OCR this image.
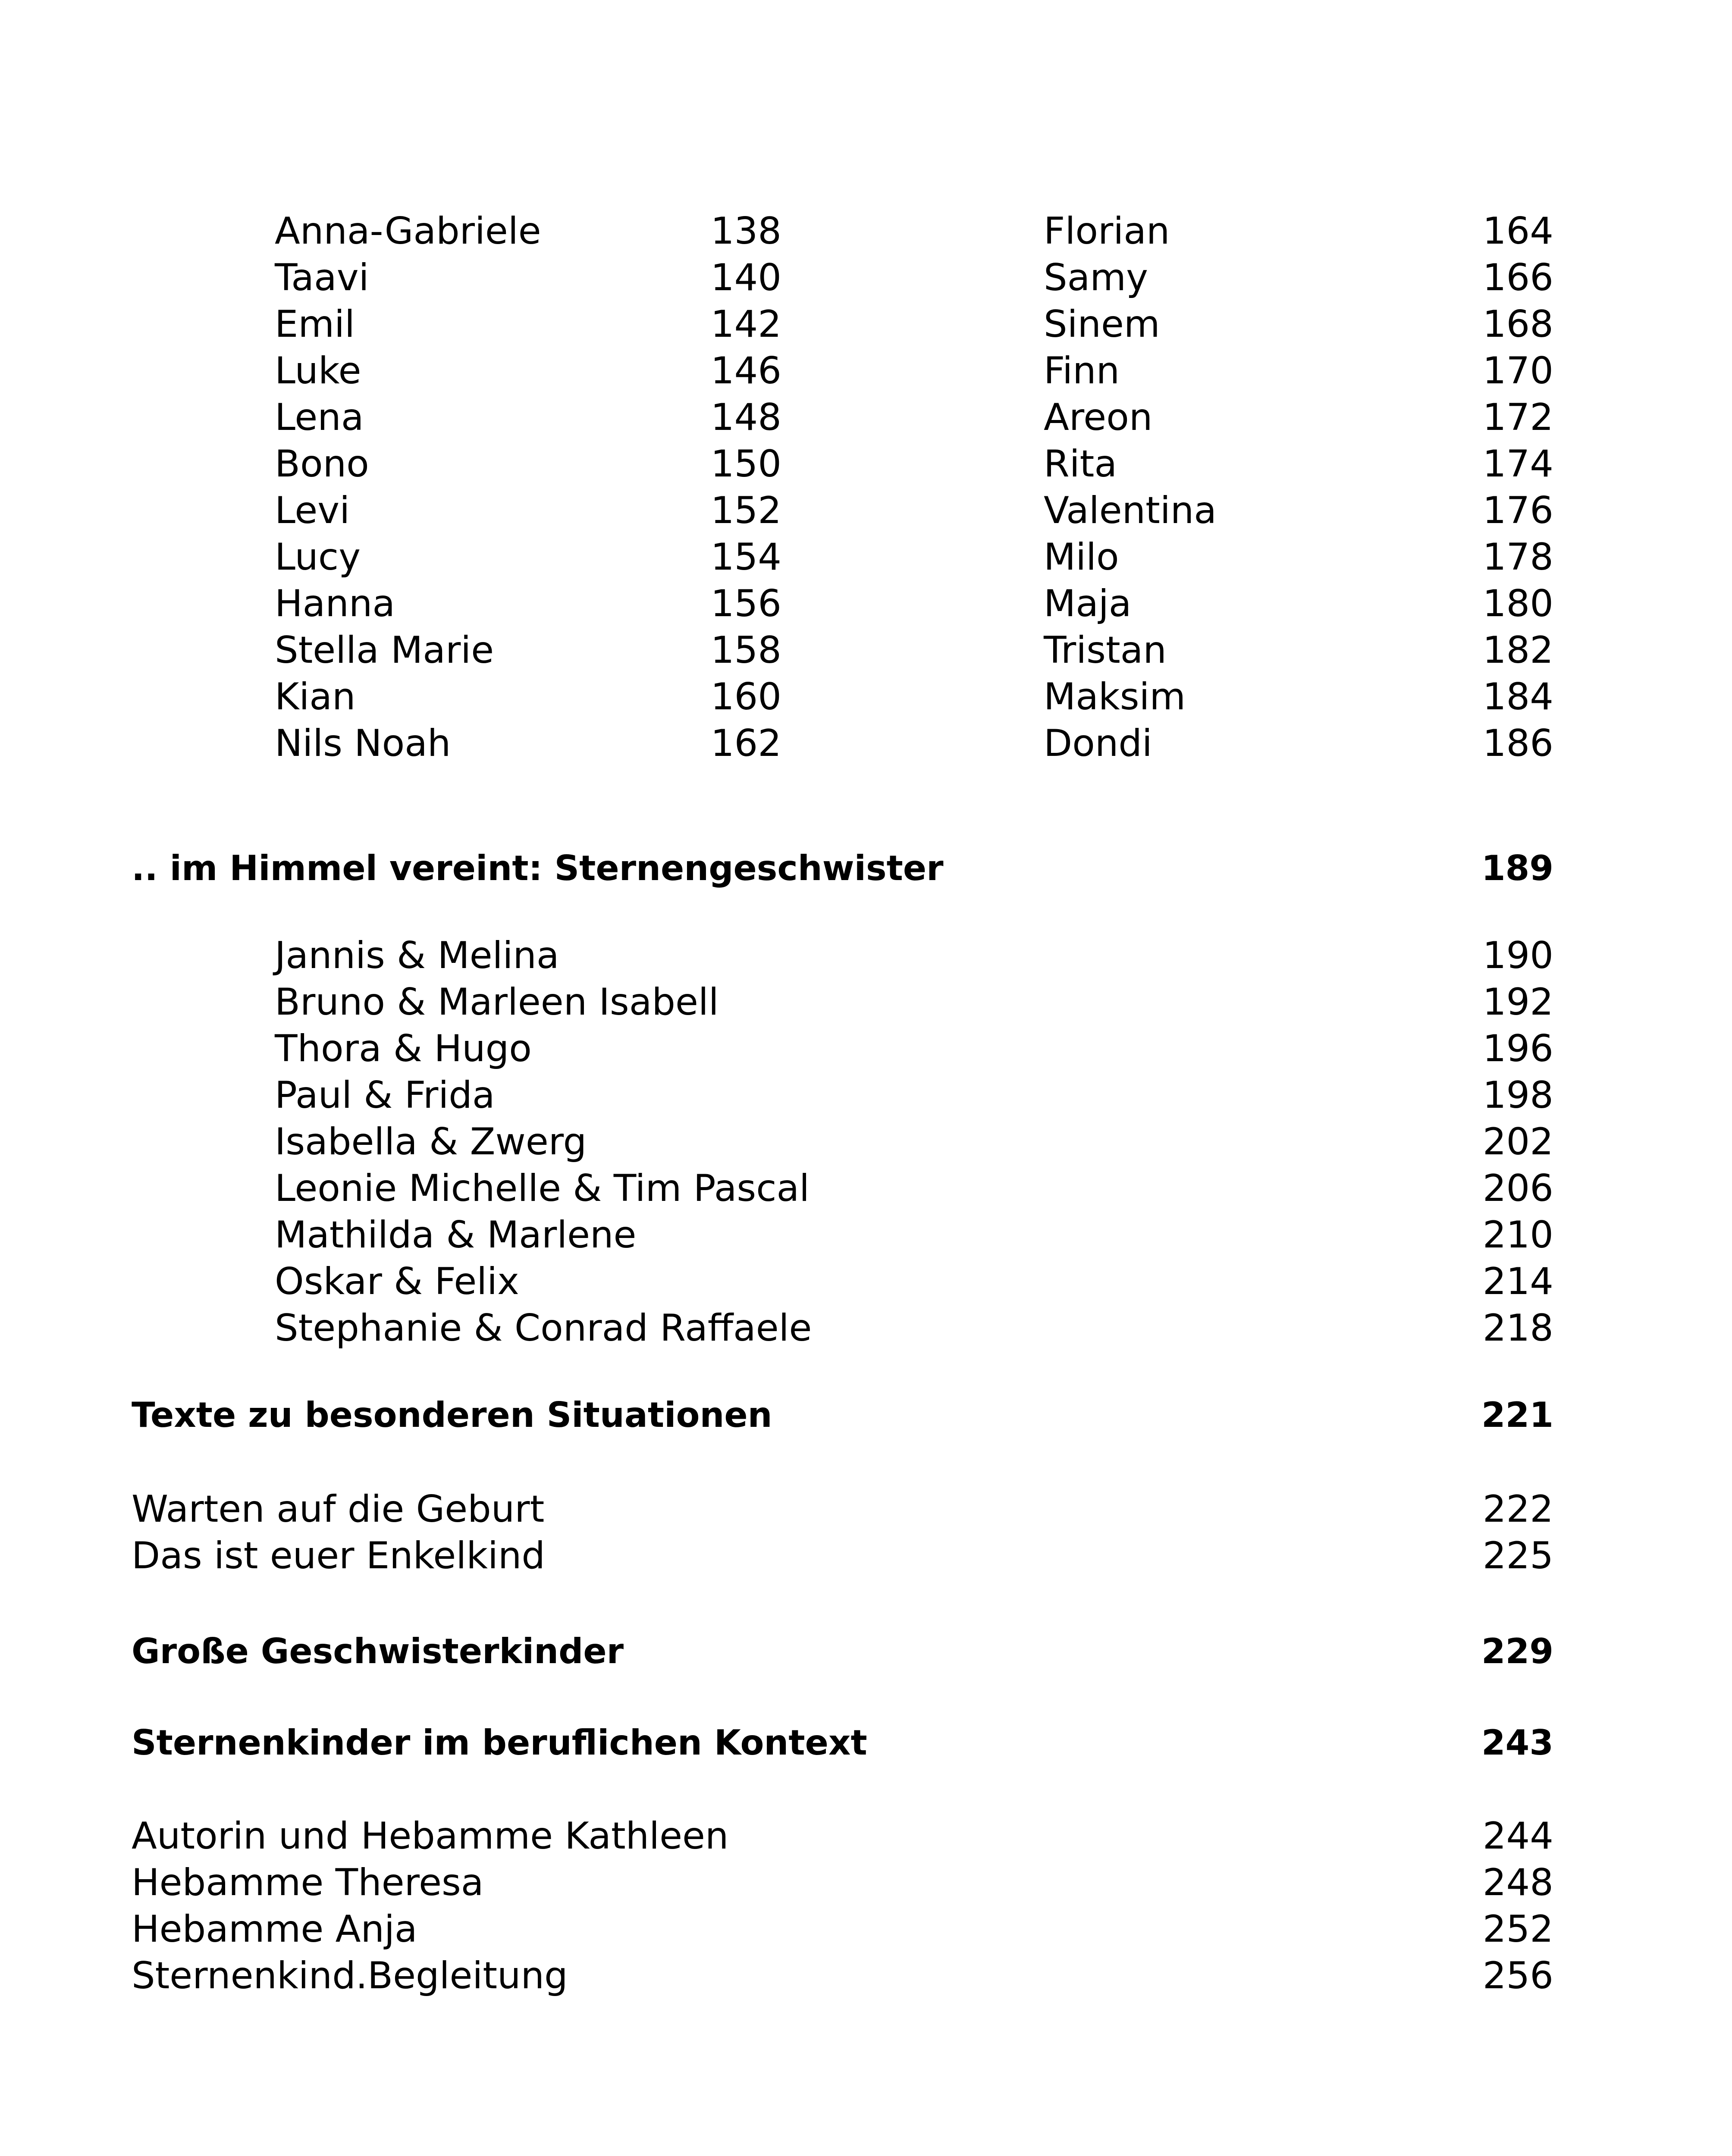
Anna-Gabriele	138
Taavi	140
Emil	142
Luke	146
Lena	148
Bono	150
Levi	152
Lucy	154
Hanna	156
Stella Marie	158
Kian	160
Nils Noah	162
Florian	164
Samy	166
Sinem	168
Finn	170
Areon	172
Rita	174
Valentina	176
Milo	178
Maja	180
Tristan	182
Maksim	184
Dondi	186
.. im Himmel vereint: Sternengeschwister	189
Jannis & Melina	190
Bruno & Marleen Isabell	192
Thora & Hugo	196
Paul & Frida	198
Isabella & Zwerg	202
Leonie Michelle & Tim Pascal	206
Mathilda & Marlene	210
Oskar & Felix	214
Stephanie & Conrad Raffaele	218
Texte zu besonderen Situationen	221
Warten auf die Geburt	222
Das ist euer Enkelkind	225
Große Geschwisterkinder	229
Sternenkinder im beruflichen Kontext	243
Autorin und Hebamme Kathleen	244
Hebamme Theresa	248
Hebamme Anja	252
Sternenkind.Begleitung	256
